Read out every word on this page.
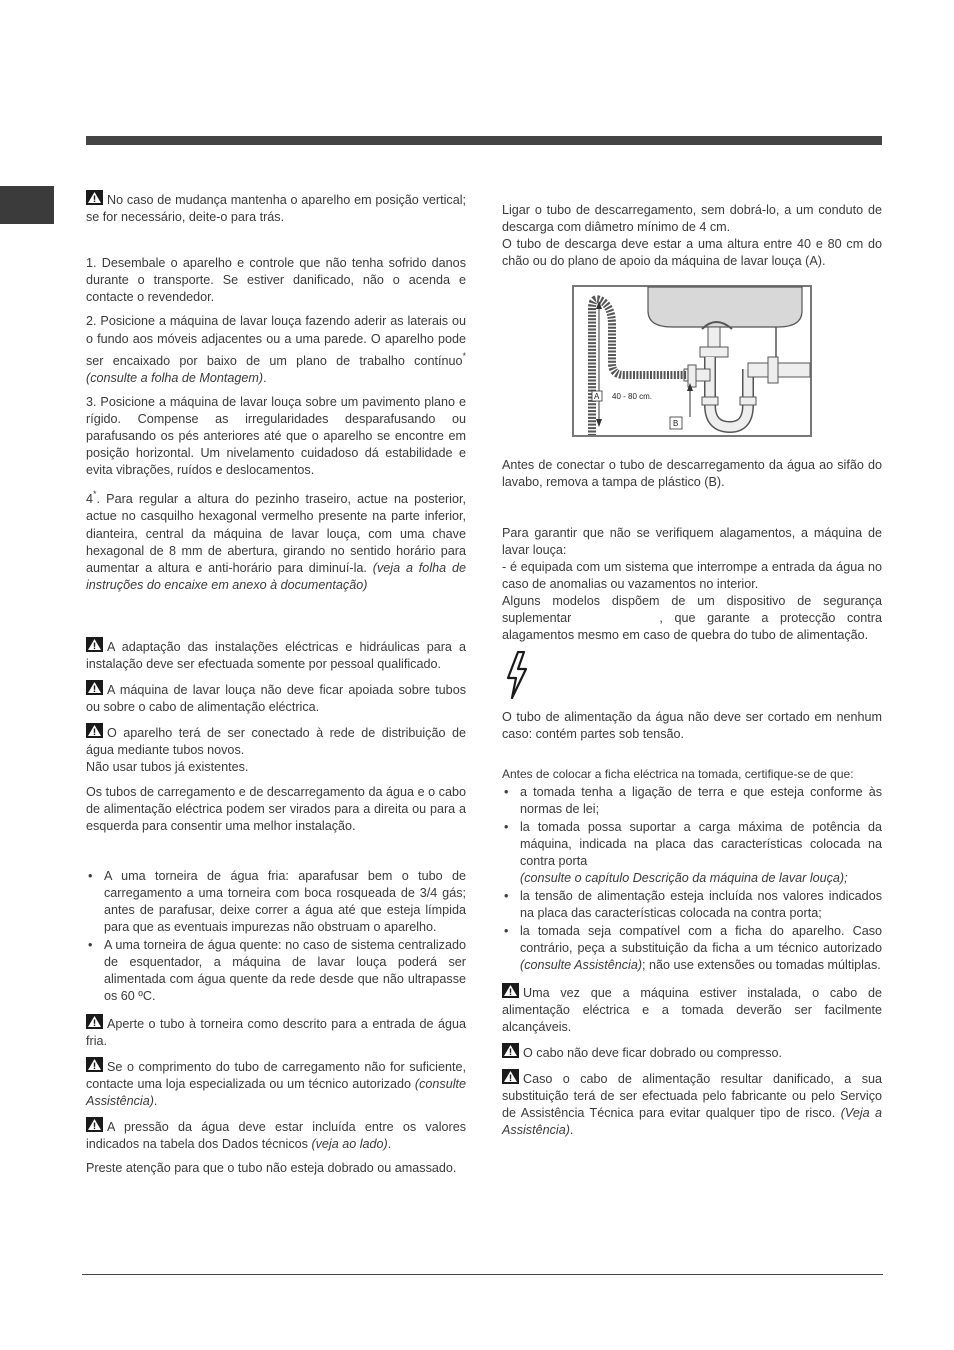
No caso de mudança mantenha o aparelho em posição vertical; se for necessário, deite-o para trás.

1. Desembale o aparelho e controle que não tenha sofrido danos durante o transporte. Se estiver danificado, não o acenda e contacte o revendedor.

2. Posicione a máquina de lavar louça fazendo aderir as laterais ou o fundo aos móveis adjacentes ou a uma parede. O aparelho pode ser encaixado por baixo de um plano de trabalho contínuo* (consulte a folha de Montagem).

3. Posicione a máquina de lavar louça sobre um pavimento plano e rígido. Compense as irregularidades desparafusando ou parafusando os pés anteriores até que o aparelho se encontre em posição horizontal. Um nivelamento cuidadoso dá estabilidade e evita vibrações, ruídos e deslocamentos.

4*. Para regular a altura do pezinho traseiro, actue na posterior, actue no casquilho hexagonal vermelho presente na parte inferior, dianteira, central da máquina de lavar louça, com uma chave hexagonal de 8 mm de abertura, girando no sentido horário para aumentar a altura e anti-horário para diminuí-la. (veja a folha de instruções do encaixe em anexo à documentação)

A adaptação das instalações eléctricas e hidráulicas para a instalação deve ser efectuada somente por pessoal qualificado.

A máquina de lavar louça não deve ficar apoiada sobre tubos ou sobre o cabo de alimentação eléctrica.

O aparelho terá de ser conectado à rede de distribuição de água mediante tubos novos.
Não usar tubos já existentes.

Os tubos de carregamento e de descarregamento da água e o cabo de alimentação eléctrica podem ser virados para a direita ou para a esquerda para consentir uma melhor instalação.

• A uma torneira de água fria: aparafusar bem o tubo de carregamento a uma torneira com boca rosqueada de 3/4 gás; antes de parafusar, deixe correr a água até que esteja límpida para que as eventuais impurezas não obstruam o aparelho.
• A uma torneira de água quente: no caso de sistema centralizado de esquentador, a máquina de lavar louça poderá ser alimentada com água quente da rede desde que não ultrapasse os 60 ºC.

Aperte o tubo à torneira como descrito para a entrada de água fria.

Se o comprimento do tubo de carregamento não for suficiente, contacte uma loja especializada ou um técnico autorizado (consulte Assistência).

A pressão da água deve estar incluída entre os valores indicados na tabela dos Dados técnicos (veja ao lado).

Preste atenção para que o tubo não esteja dobrado ou amassado.

Ligar o tubo de descarregamento, sem dobrá-lo, a um conduto de descarga com diâmetro mínimo de 4 cm.

O tubo de descarga deve estar a uma altura entre 40 e 80 cm do chão ou do plano de apoio da máquina de lavar louça (A).

A 40 - 80 cm.
B

Antes de conectar o tubo de descarregamento da água ao sifão do lavabo, remova a tampa de plástico (B).

Para garantir que não se verifiquem alagamentos, a máquina de lavar louça:

- é equipada com um sistema que interrompe a entrada da água no caso de anomalias ou vazamentos no interior.

Alguns modelos dispõem de um dispositivo de segurança suplementar	, que garante a protecção contra alagamentos mesmo em caso de quebra do tubo de alimentação.

O tubo de alimentação da água não deve ser cortado em nenhum caso: contém partes sob tensão.

Antes de colocar a ficha eléctrica na tomada, certifique-se de que:

• a tomada tenha a ligação de terra e que esteja conforme às normas de lei;
• la tomada possa suportar a carga máxima de potência da máquina, indicada na placa das características colocada na contra porta
(consulte o capítulo Descrição da máquina de lavar louça);
• la tensão de alimentação esteja incluída nos valores indicados na placa das características colocada na contra porta;
• la tomada seja compatível com a ficha do aparelho. Caso contrário, peça a substituição da ficha a um técnico autorizado (consulte Assistência); não use extensões ou tomadas múltiplas.

Uma vez que a máquina estiver instalada, o cabo de alimentação eléctrica e a tomada deverão ser facilmente alcançáveis.

O cabo não deve ficar dobrado ou compresso.

Caso o cabo de alimentação resultar danificado, a sua substituição terá de ser efectuada pelo fabricante ou pelo Serviço de Assistência Técnica para evitar qualquer tipo de risco. (Veja a Assistência).
